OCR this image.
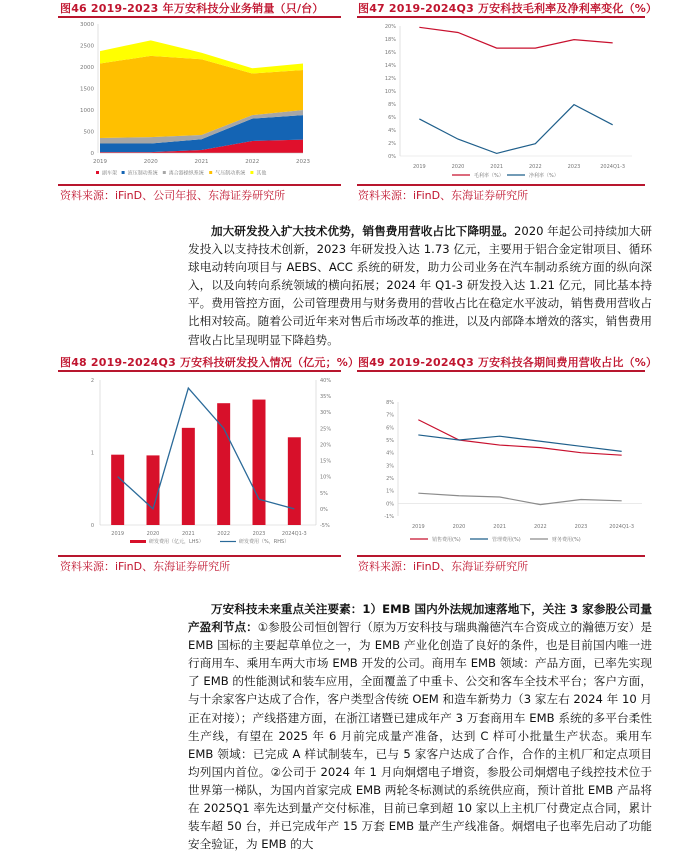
图46 2019-2023 年万安科技分业务销量（只/台）
0
500
1000
1500
2000
2500
3000
2019	2020	2021	2022	2023
副车架 液压制动系统 离合器操纵系统 气压制动系统 其他
资料来源：iFinD、公司年报、东海证券研究所
图47 2019-2024Q3 万安科技毛利率及净利率变化（%）
0%
2%
4%
6%
8%
10%
12%
14%
16%
18%
20%
2019	2020	2021	2022	2023	2024Q1-3
毛利率（%）	净利率（%）
资料来源：iFinD、东海证券研究所
加大研发投入扩大技术优势，销售费用营收占比下降明显。2020 年起公司持续加大研发投入以支持技术创新，2023 年研发投入达 1.73 亿元，主要用于铝合金定钳项目、循环球电动转向项目与 AEBS、ACC 系统的研发，助力公司业务在汽车制动系统方面的纵向深入，以及向转向系统领域的横向拓展；2024 年 Q1-3 研发投入达 1.21 亿元，同比基本持平。费用管控方面，公司管理费用与财务费用的营收占比在稳定水平波动，销售费用营收占比相对较高。随着公司近年来对售后市场改革的推进，以及内部降本增效的落实，销售费用营收占比呈现明显下降趋势。
图48 2019-2024Q3 万安科技研发投入情况（亿元；%）
0
1
2
-5%
0%
5%
10%
15%
20%
25%
30%
35%
40%
2019	2020	2021	2022	2023	2024Q1-3
研发费用（亿元，LHS）	研发费用（%，RHS）
资料来源：iFinD、东海证券研究所
图49 2019-2024Q3 万安科技各期间费用营收占比（%）
-1%
0%
1%
2%
3%
4%
5%
6%
7%
8%
2019	2020	2021	2022	2023	2024Q1-3
销售费用(%)	管理费用(%)	财务费用(%)
资料来源：iFinD、东海证券研究所
万安科技未来重点关注要素：1）EMB 国内外法规加速落地下，关注 3 家参股公司量产盈利节点：①参股公司恒创智行（原为万安科技与瑞典瀚德汽车合资成立的瀚德万安）是 EMB 国标的主要起草单位之一，为 EMB 产业化创造了良好的条件，也是目前国内唯一进行商用车、乘用车两大市场 EMB 开发的公司。商用车 EMB 领域：产品方面，已率先实现了 EMB 的性能测试和装车应用，全面覆盖了中重卡、公交和客车全技术平台；客户方面，与十余家客户达成了合作，客户类型含传统 OEM 和造车新势力（3 家左右 2024 年 10 月正在对接）；产线搭建方面，在浙江诸暨已建成年产 3 万套商用车 EMB 系统的多平台柔性生产线，有望在 2025 年 6 月前完成量产准备，达到 C 样可小批量生产状态。乘用车 EMB 领域：已完成 A 样试制装车，已与 5 家客户达成了合作，合作的主机厂和定点项目均列国内首位。②公司于 2024 年 1 月向炯熠电子增资，参股公司炯熠电子线控技术位于世界第一梯队，为国内首家完成 EMB 两轮冬标测试的系统供应商，预计首批 EMB 产品将在 2025Q1 率先达到量产交付标准，目前已拿到超 10 家以上主机厂付费定点合同，累计装车超 50 台，并已完成年产 15 万套 EMB 量产生产线准备。炯熠电子也率先启动了功能安全验证，为 EMB 的大
